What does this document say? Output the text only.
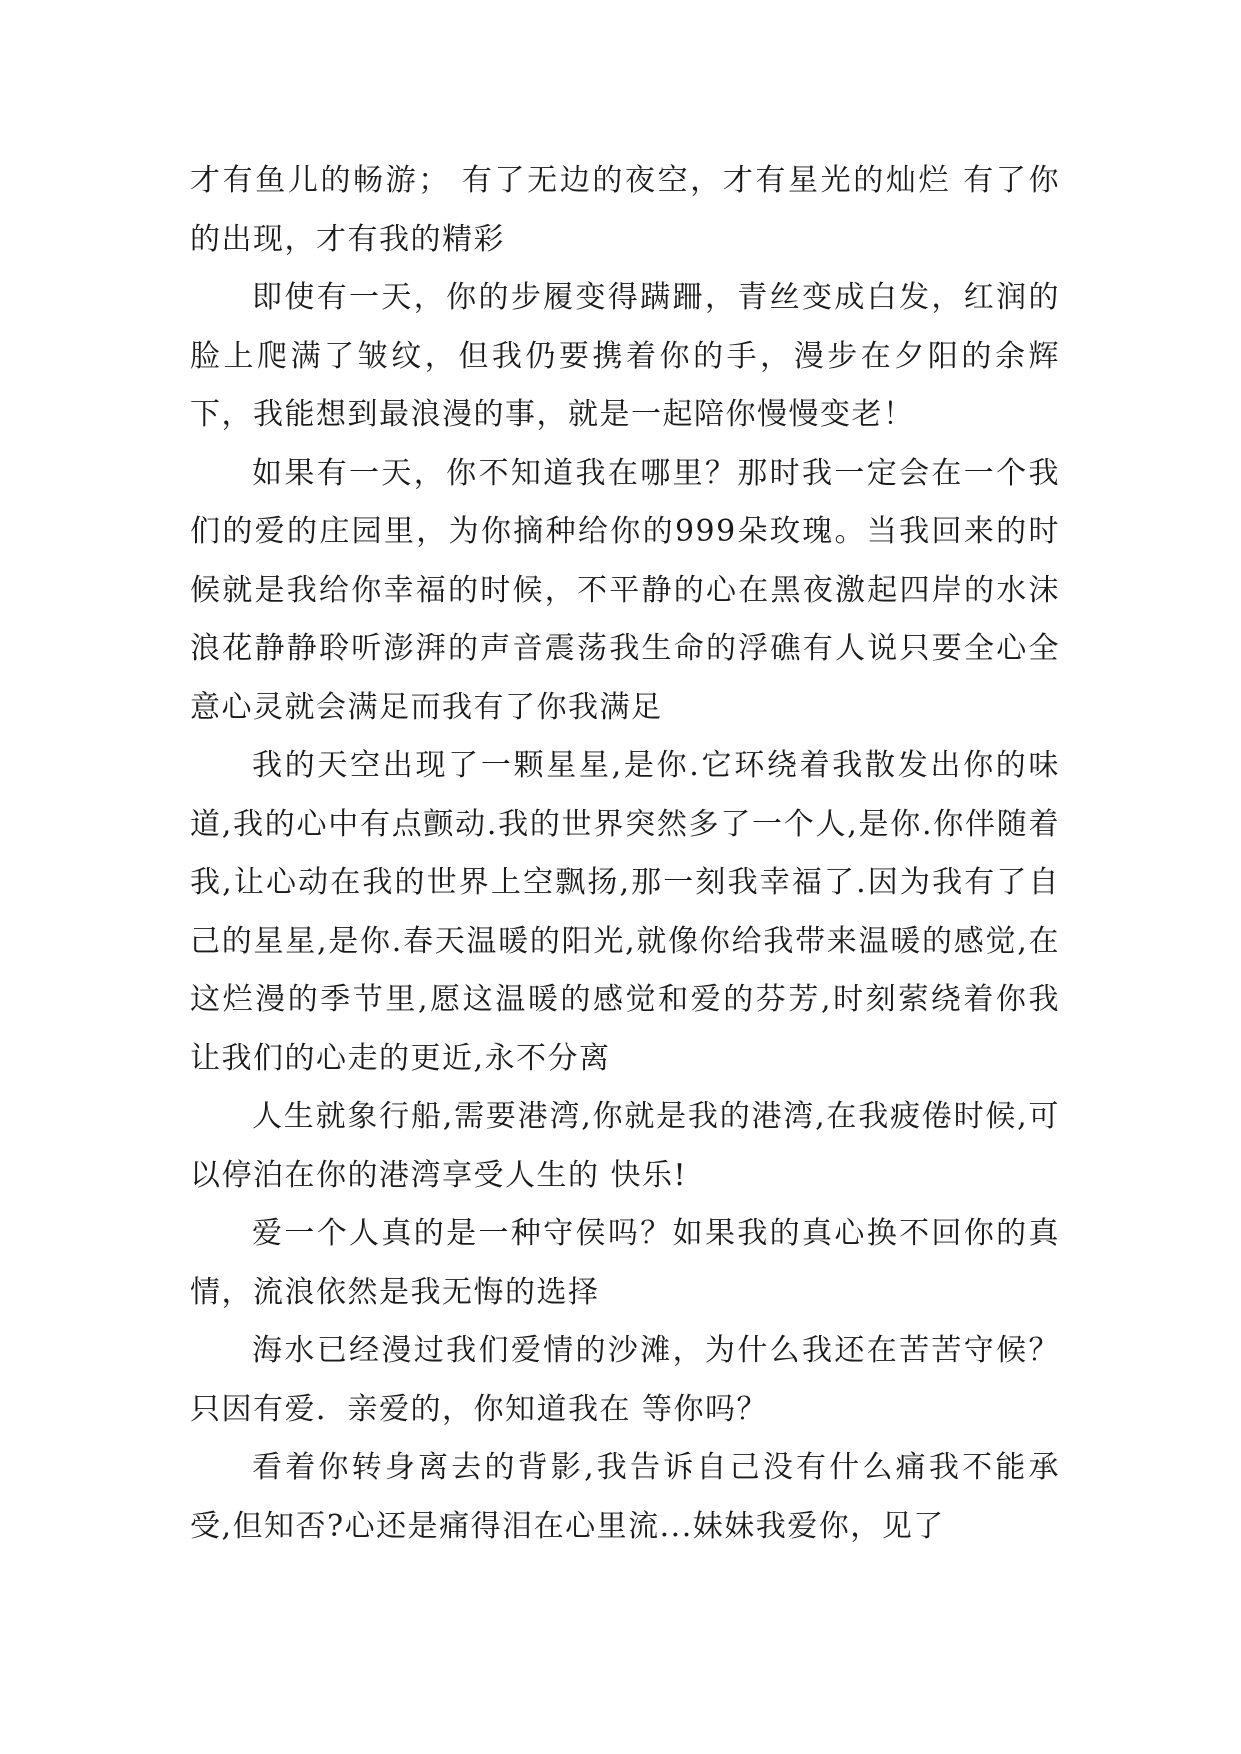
才有鱼儿的畅游； 有了无边的夜空，才有星光的灿烂 有了你的出现，才有我的精彩

即使有一天，你的步履变得蹒跚，青丝变成白发，红润的脸上爬满了皱纹，但我仍要携着你的手，漫步在夕阳的余辉下，我能想到最浪漫的事，就是一起陪你慢慢变老！

如果有一天，你不知道我在哪里？那时我一定会在一个我们的爱的庄园里，为你摘种给你的999朵玫瑰。当我回来的时候就是我给你幸福的时候，不平静的心在黑夜激起四岸的水沫浪花静静聆听澎湃的声音震荡我生命的浮礁有人说只要全心全意心灵就会满足而我有了你我满足

我的天空出现了一颗星星,是你.它环绕着我散发出你的味道,我的心中有点颤动.我的世界突然多了一个人,是你.你伴随着我,让心动在我的世界上空飘扬,那一刻我幸福了.因为我有了自己的星星,是你.春天温暖的阳光,就像你给我带来温暖的感觉,在这烂漫的季节里,愿这温暖的感觉和爱的芬芳,时刻萦绕着你我让我们的心走的更近,永不分离

人生就象行船,需要港湾,你就是我的港湾,在我疲倦时候,可以停泊在你的港湾享受人生的 快乐!

爱一个人真的是一种守侯吗？如果我的真心换不回你的真情，流浪依然是我无悔的选择

海水已经漫过我们爱情的沙滩，为什么我还在苦苦守候？只因有爱．亲爱的，你知道我在 等你吗？

看着你转身离去的背影,我告诉自己没有什么痛我不能承受,但知否?心还是痛得泪在心里流...妹妹我爱你，见了
